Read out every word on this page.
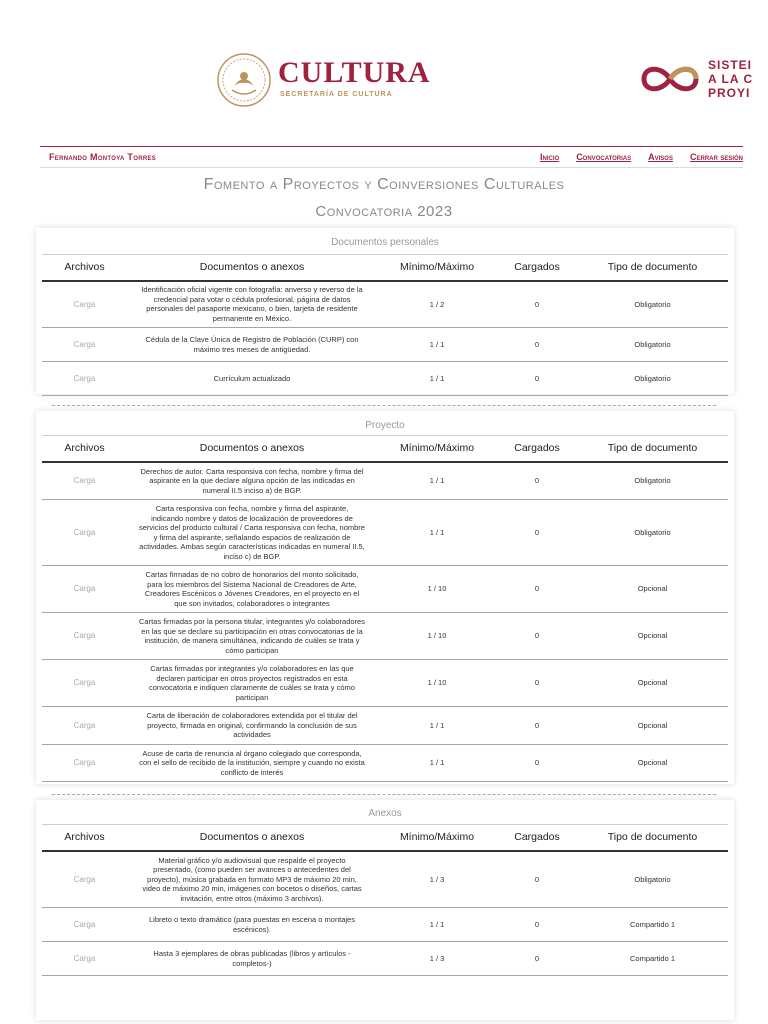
CULTURA
SECRETARÍA DE CULTURA
SISTEI
A LA C
PROYI
Fernando Montoya Torres	Inicio Convocatorias Avisos Cerrar sesión
Fomento a Proyectos y Coinversiones Culturales
Convocatoria 2023
Documentos personales
Archivos	Documentos o anexos	Mínimo/Máximo	Cargados	Tipo de documento
Carga	Identificación oficial vigente con fotografía: anverso y reverso de la credencial para votar o cédula profesional, página de datos personales del pasaporte mexicano, o bien, tarjeta de residente permanente en México.	1 / 2	0	Obligatorio
Carga	Cédula de la Clave Única de Registro de Población (CURP) con máximo tres meses de antigüedad.	1 / 1	0	Obligatorio
Carga	Currículum actualizado	1 / 1	0	Obligatorio
Proyecto
Archivos	Documentos o anexos	Mínimo/Máximo	Cargados	Tipo de documento
Carga	Derechos de autor. Carta responsiva con fecha, nombre y firma del aspirante en la que declare alguna opción de las indicadas en numeral II.5 inciso a) de BGP.	1 / 1	0	Obligatorio
Carga	Carta responsiva con fecha, nombre y firma del aspirante, indicando nombre y datos de localización de proveedores de servicios del producto cultural / Carta responsiva con fecha, nombre y firma del aspirante, señalando espacios de realización de actividades. Ambas según características indicadas en numeral II.5, inciso c) de BGP.	1 / 1	0	Obligatorio
Carga	Cartas firmadas de no cobro de honorarios del monto solicitado, para los miembros del Sistema Nacional de Creadores de Arte, Creadores Escénicos o Jóvenes Creadores, en el proyecto en el que son invitados, colaboradores o integrantes	1 / 10	0	Opcional
Carga	Cartas firmadas por la persona titular, integrantes y/o colaboradores en las que se declare su participación en otras convocatorias de la institución, de manera simultánea, indicando de cuáles se trata y cómo participan	1 / 10	0	Opcional
Carga	Cartas firmadas por integrantes y/o colaboradores en las que declaren participar en otros proyectos registrados en esta convocatoria e indiquen claramente de cuáles se trata y cómo participan	1 / 10	0	Opcional
Carga	Carta de liberación de colaboradores extendida por el titular del proyecto, firmada en original, confirmando la conclusión de sus actividades	1 / 1	0	Opcional
Carga	Acuse de carta de renuncia al órgano colegiado que corresponda, con el sello de recibido de la institución, siempre y cuando no exista conflicto de interés	1 / 1	0	Opcional
Anexos
Archivos	Documentos o anexos	Mínimo/Máximo	Cargados	Tipo de documento
Carga	Material gráfico y/o audiovisual que respalde el proyecto presentado, (como pueden ser avances o antecedentes del proyecto), música grabada en formato MP3 de máximo 20 min, video de máximo 20 min, imágenes con bocetos o diseños, cartas invitación, entre otros (máximo 3 archivos).	1 / 3	0	Obligatorio
Carga	Libreto o texto dramático (para puestas en escena o montajes escénicos).	1 / 1	0	Compartido 1
Carga	Hasta 3 ejemplares de obras publicadas (libros y artículos - completos-)	1 / 3	0	Compartido 1
